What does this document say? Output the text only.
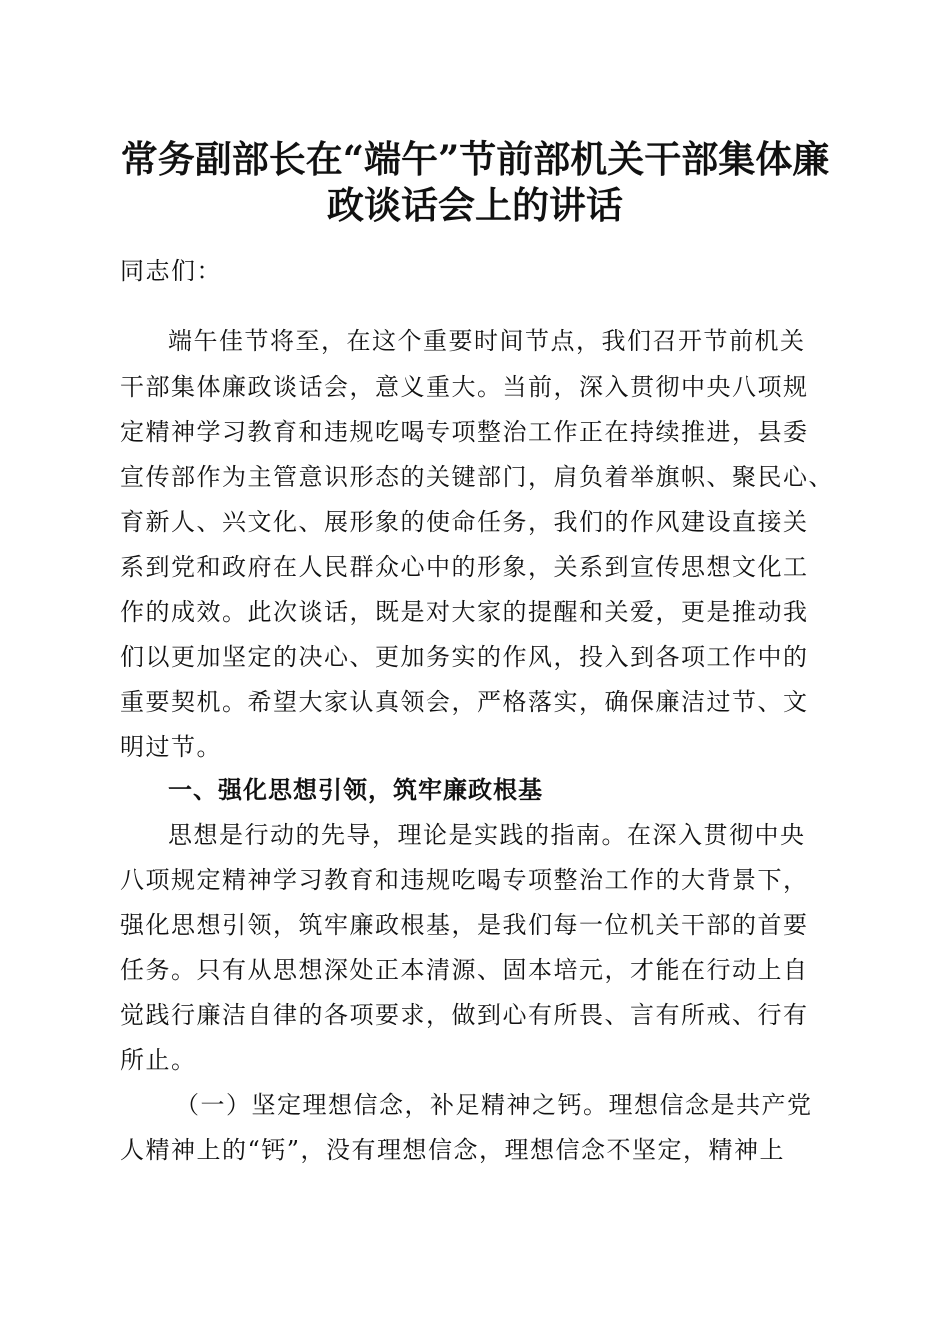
常务副部长在“端午”节前部机关干部集体廉
政谈话会上的讲话
同志们：
端午佳节将至，在这个重要时间节点，我们召开节前机关
干部集体廉政谈话会，意义重大。当前，深入贯彻中央八项规
定精神学习教育和违规吃喝专项整治工作正在持续推进，县委
宣传部作为主管意识形态的关键部门，肩负着举旗帜、聚民心、
育新人、兴文化、展形象的使命任务，我们的作风建设直接关
系到党和政府在人民群众心中的形象，关系到宣传思想文化工
作的成效。此次谈话，既是对大家的提醒和关爱，更是推动我
们以更加坚定的决心、更加务实的作风，投入到各项工作中的
重要契机。希望大家认真领会，严格落实，确保廉洁过节、文
明过节。
一、强化思想引领，筑牢廉政根基
思想是行动的先导，理论是实践的指南。在深入贯彻中央
八项规定精神学习教育和违规吃喝专项整治工作的大背景下，
强化思想引领，筑牢廉政根基，是我们每一位机关干部的首要
任务。只有从思想深处正本清源、固本培元，才能在行动上自
觉践行廉洁自律的各项要求，做到心有所畏、言有所戒、行有
所止。
（一）坚定理想信念，补足精神之钙。理想信念是共产党
人精神上的“钙”，没有理想信念，理想信念不坚定，精神上
